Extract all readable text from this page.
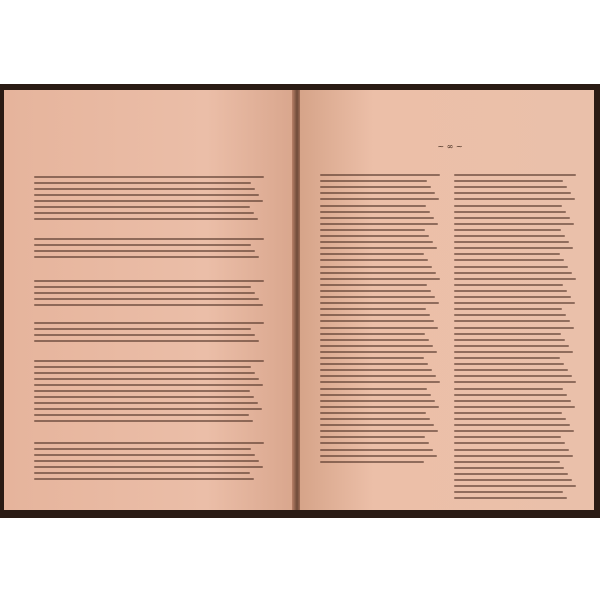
~ ∞ ~
